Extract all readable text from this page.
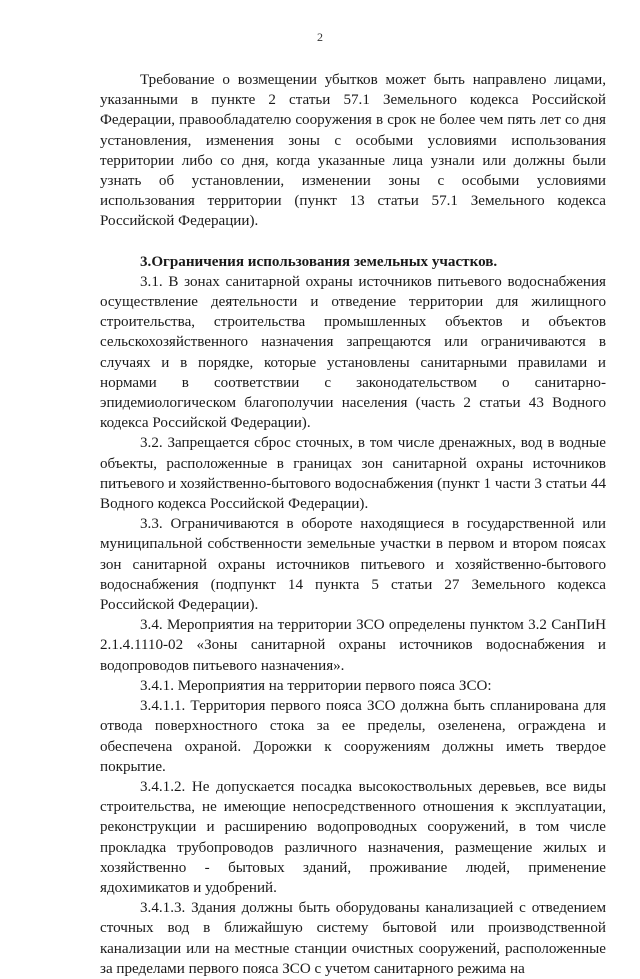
2

Требование о возмещении убытков может быть направлено лицами, указанными в пункте 2 статьи 57.1 Земельного кодекса Российской Федерации, правообладателю сооружения в срок не более чем пять лет со дня установления, изменения зоны с особыми условиями использования территории либо со дня, когда указанные лица узнали или должны были узнать об установлении, изменении зоны с особыми условиями использования территории (пункт 13 статьи 57.1 Земельного кодекса Российской Федерации).

3.Ограничения использования земельных участков.

3.1. В зонах санитарной охраны источников питьевого водоснабжения осуществление деятельности и отведение территории для жилищного строительства, строительства промышленных объектов и объектов сельскохозяйственного назначения запрещаются или ограничиваются в случаях и в порядке, которые установлены санитарными правилами и нормами в соответствии с законодательством о санитарно-эпидемиологическом благополучии населения (часть 2 статьи 43 Водного кодекса Российской Федерации).

3.2. Запрещается сброс сточных, в том числе дренажных, вод в водные объекты, расположенные в границах зон санитарной охраны источников питьевого и хозяйственно-бытового водоснабжения (пункт 1 части 3 статьи 44 Водного кодекса Российской Федерации).

3.3. Ограничиваются в обороте находящиеся в государственной или муниципальной собственности земельные участки в первом и втором поясах зон санитарной охраны источников питьевого и хозяйственно-бытового водоснабжения (подпункт 14 пункта 5 статьи 27 Земельного кодекса Российской Федерации).

3.4. Мероприятия на территории ЗСО определены пунктом 3.2 СанПиН 2.1.4.1110-02 «Зоны санитарной охраны источников водоснабжения и водопроводов питьевого назначения».

3.4.1. Мероприятия на территории первого пояса ЗСО:

3.4.1.1. Территория первого пояса ЗСО должна быть спланирована для отвода поверхностного стока за ее пределы, озеленена, ограждена и обеспечена охраной. Дорожки к сооружениям должны иметь твердое покрытие.

3.4.1.2. Не допускается посадка высокоствольных деревьев, все виды строительства, не имеющие непосредственного отношения к эксплуатации, реконструкции и расширению водопроводных сооружений, в том числе прокладка трубопроводов различного назначения, размещение жилых и хозяйственно - бытовых зданий, проживание людей, применение ядохимикатов и удобрений.

3.4.1.3. Здания должны быть оборудованы канализацией с отведением сточных вод в ближайшую систему бытовой или производственной канализации или на местные станции очистных сооружений, расположенные за пределами первого пояса ЗСО с учетом санитарного режима на
